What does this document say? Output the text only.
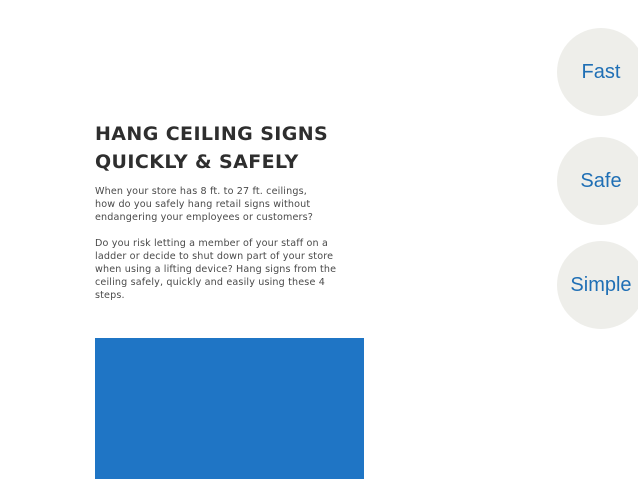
HANG CEILING SIGNS
QUICKLY & SAFELY

When your store has 8 ft. to 27 ft. ceilings,
how do you safely hang retail signs without
endangering your employees or customers?

Do you risk letting a member of your staff on a
ladder or decide to shut down part of your store
when using a lifting device? Hang signs from the
ceiling safely, quickly and easily using these 4
steps.

Fast
Safe
Simple
